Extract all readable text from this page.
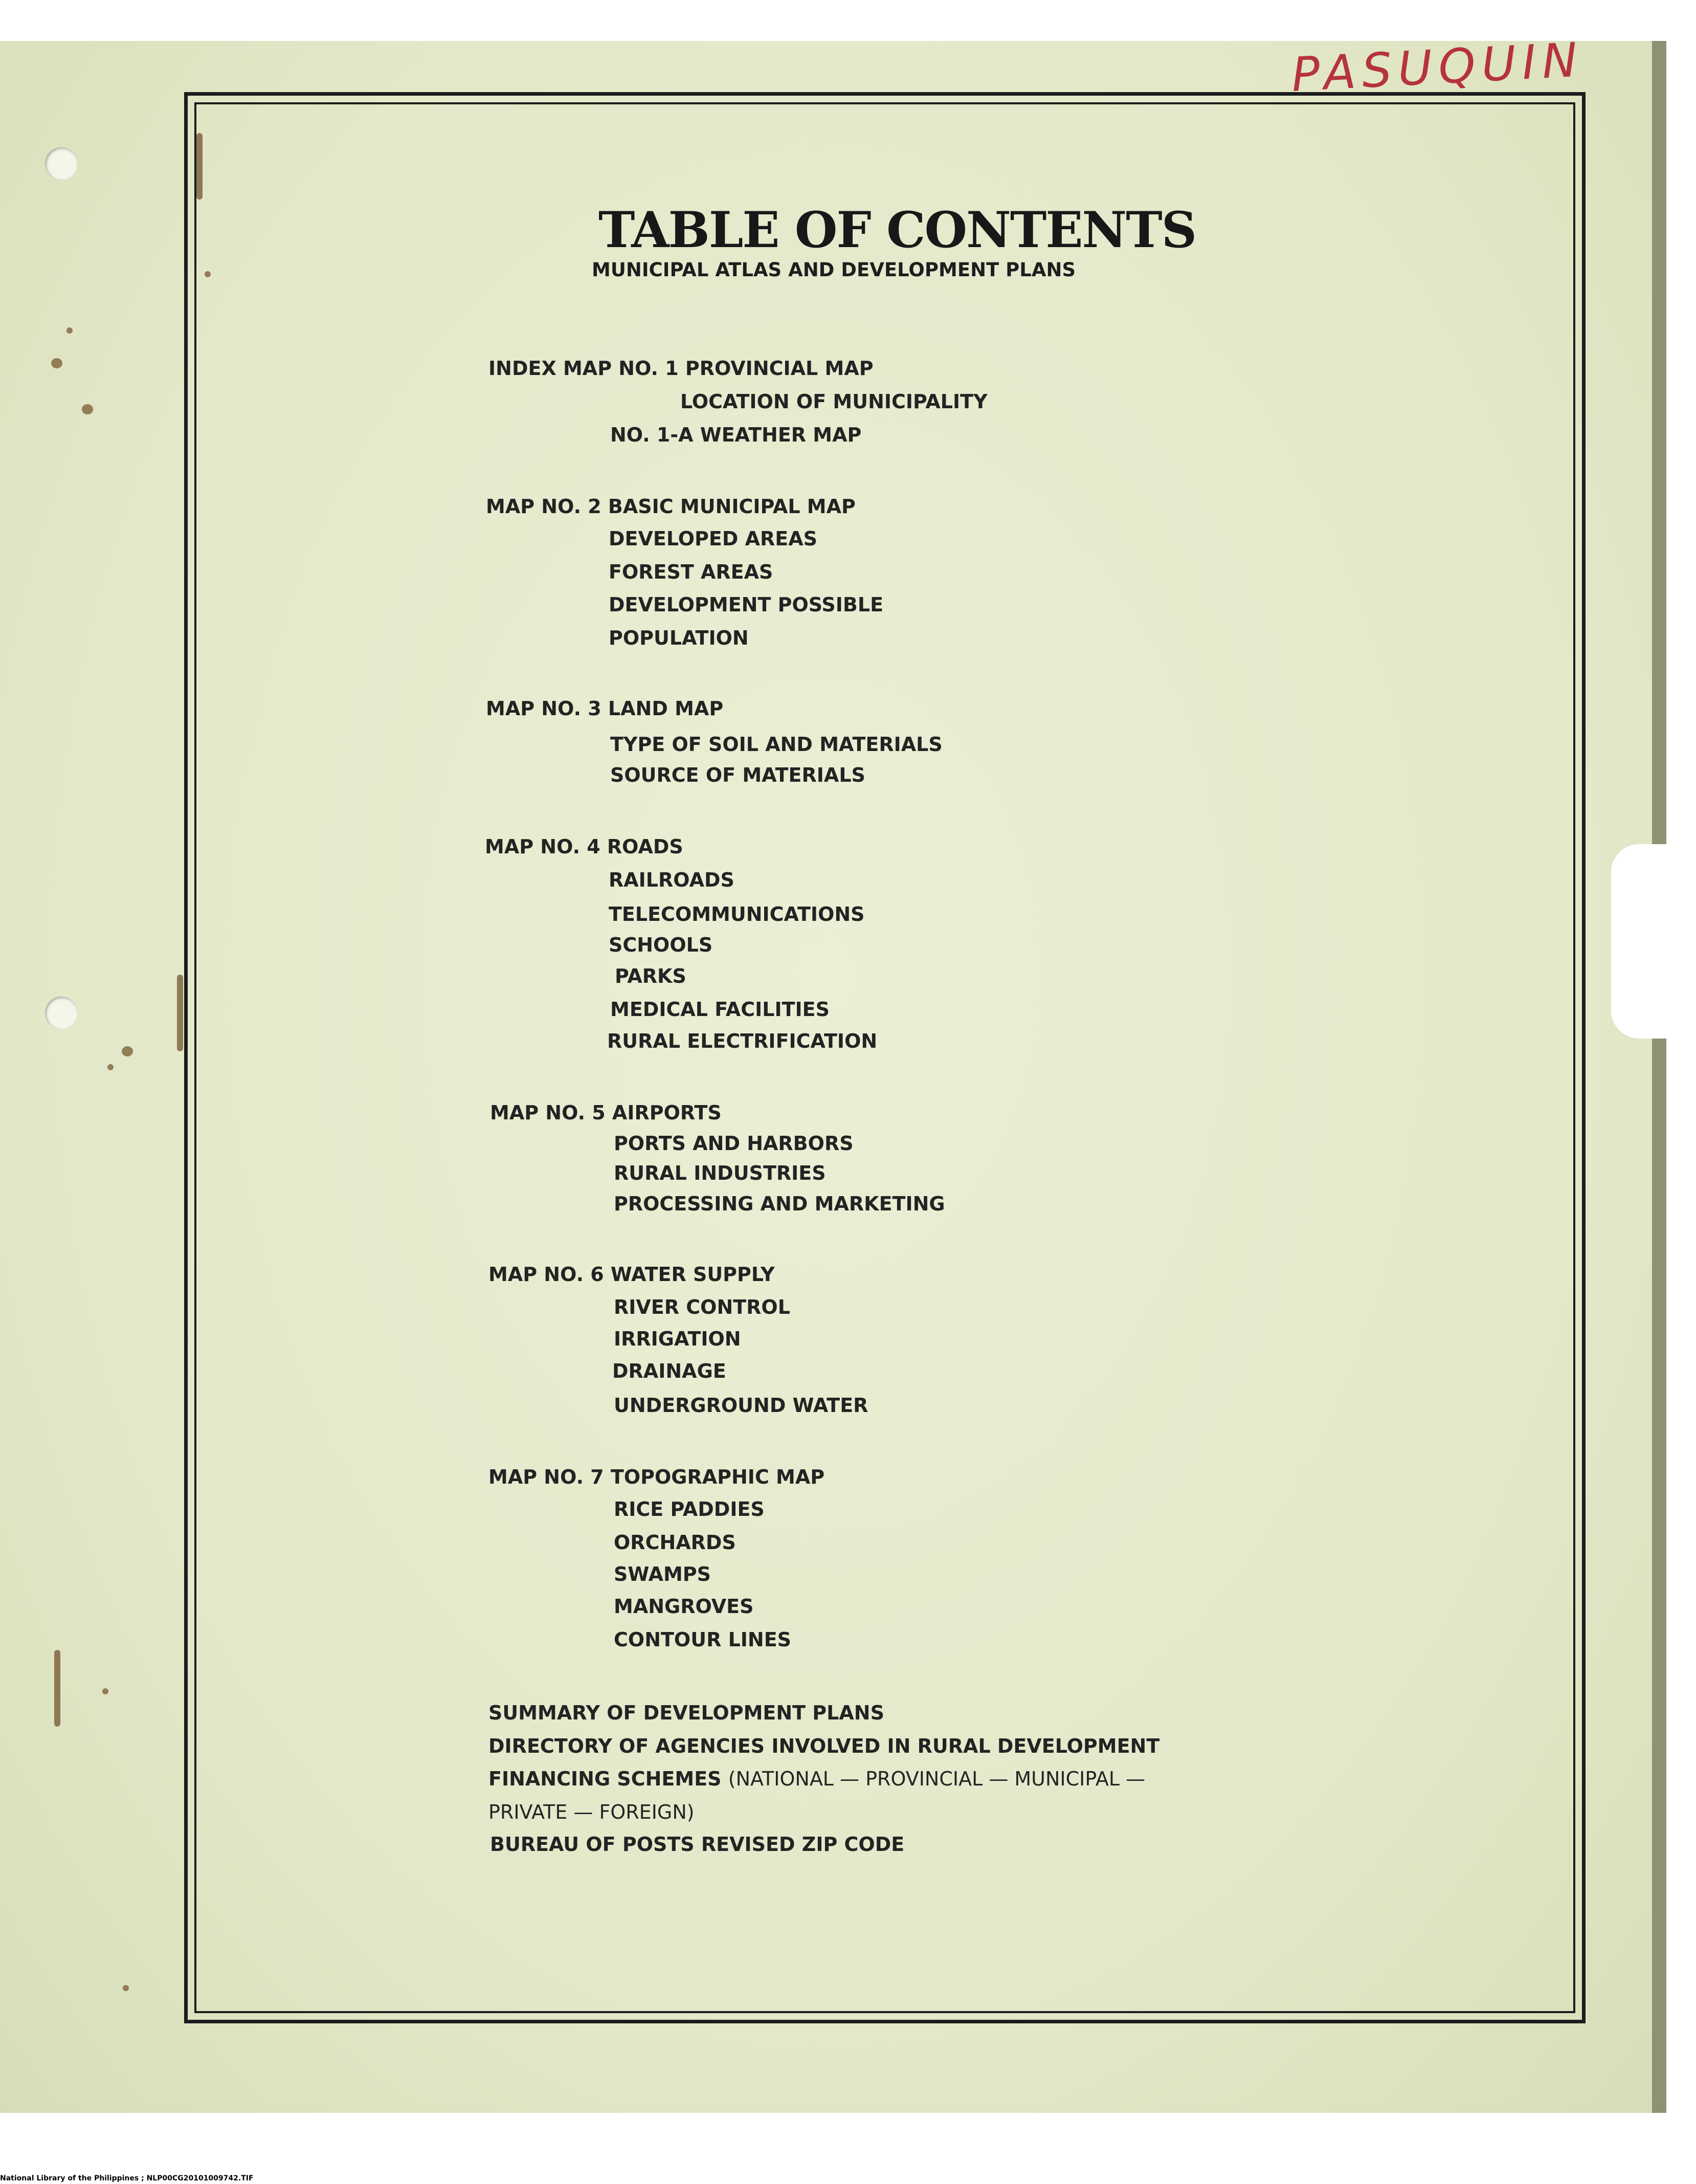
PASUQUIN
TABLE OF CONTENTS
MUNICIPAL ATLAS AND DEVELOPMENT PLANS
INDEX MAP NO. 1 PROVINCIAL MAP
LOCATION OF MUNICIPALITY
NO. 1-A WEATHER MAP
MAP NO. 2 BASIC MUNICIPAL MAP
DEVELOPED AREAS
FOREST AREAS
DEVELOPMENT POSSIBLE
POPULATION
MAP NO. 3 LAND MAP
TYPE OF SOIL AND MATERIALS
SOURCE OF MATERIALS
MAP NO. 4 ROADS
RAILROADS
TELECOMMUNICATIONS
SCHOOLS
PARKS
MEDICAL FACILITIES
RURAL ELECTRIFICATION
MAP NO. 5 AIRPORTS
PORTS AND HARBORS
RURAL INDUSTRIES
PROCESSING AND MARKETING
MAP NO. 6 WATER SUPPLY
RIVER CONTROL
IRRIGATION
DRAINAGE
UNDERGROUND WATER
MAP NO. 7 TOPOGRAPHIC MAP
RICE PADDIES
ORCHARDS
SWAMPS
MANGROVES
CONTOUR LINES
SUMMARY OF DEVELOPMENT PLANS
DIRECTORY OF AGENCIES INVOLVED IN RURAL DEVELOPMENT
FINANCING SCHEMES (NATIONAL — PROVINCIAL — MUNICIPAL —
PRIVATE — FOREIGN)
BUREAU OF POSTS REVISED ZIP CODE
National Library of the Philippines ; NLP00CG20101009742.TIF
